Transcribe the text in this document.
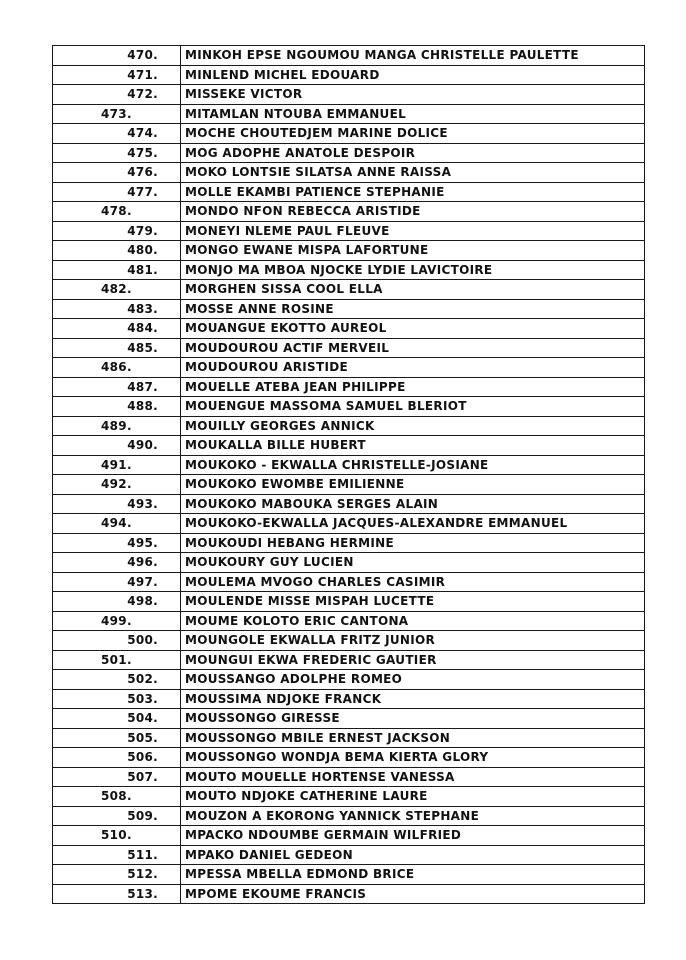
470.	MINKOH EPSE NGOUMOU MANGA CHRISTELLE PAULETTE
471.	MINLEND MICHEL EDOUARD
472.	MISSEKE VICTOR
473.	MITAMLAN NTOUBA EMMANUEL
474.	MOCHE CHOUTEDJEM MARINE DOLICE
475.	MOG ADOPHE ANATOLE DESPOIR
476.	MOKO LONTSIE SILATSA ANNE RAISSA
477.	MOLLE EKAMBI PATIENCE STEPHANIE
478.	MONDO NFON REBECCA ARISTIDE
479.	MONEYI NLEME PAUL FLEUVE
480.	MONGO EWANE MISPA LAFORTUNE
481.	MONJO MA MBOA NJOCKE LYDIE LAVICTOIRE
482.	MORGHEN SISSA COOL ELLA
483.	MOSSE ANNE ROSINE
484.	MOUANGUE EKOTTO AUREOL
485.	MOUDOUROU ACTIF MERVEIL
486.	MOUDOUROU ARISTIDE
487.	MOUELLE ATEBA JEAN PHILIPPE
488.	MOUENGUE MASSOMA SAMUEL BLERIOT
489.	MOUILLY GEORGES ANNICK
490.	MOUKALLA BILLE HUBERT
491.	MOUKOKO - EKWALLA CHRISTELLE-JOSIANE
492.	MOUKOKO EWOMBE EMILIENNE
493.	MOUKOKO MABOUKA SERGES ALAIN
494.	MOUKOKO-EKWALLA JACQUES-ALEXANDRE EMMANUEL
495.	MOUKOUDI HEBANG HERMINE
496.	MOUKOURY GUY LUCIEN
497.	MOULEMA MVOGO CHARLES CASIMIR
498.	MOULENDE MISSE MISPAH LUCETTE
499.	MOUME KOLOTO ERIC CANTONA
500.	MOUNGOLE EKWALLA FRITZ JUNIOR
501.	MOUNGUI EKWA FREDERIC GAUTIER
502.	MOUSSANGO ADOLPHE ROMEO
503.	MOUSSIMA NDJOKE FRANCK
504.	MOUSSONGO GIRESSE
505.	MOUSSONGO MBILE ERNEST JACKSON
506.	MOUSSONGO WONDJA BEMA KIERTA GLORY
507.	MOUTO MOUELLE HORTENSE VANESSA
508.	MOUTO NDJOKE CATHERINE LAURE
509.	MOUZON A EKORONG YANNICK STEPHANE
510.	MPACKO NDOUMBE GERMAIN WILFRIED
511.	MPAKO DANIEL GEDEON
512.	MPESSA MBELLA EDMOND BRICE
513.	MPOME EKOUME FRANCIS
